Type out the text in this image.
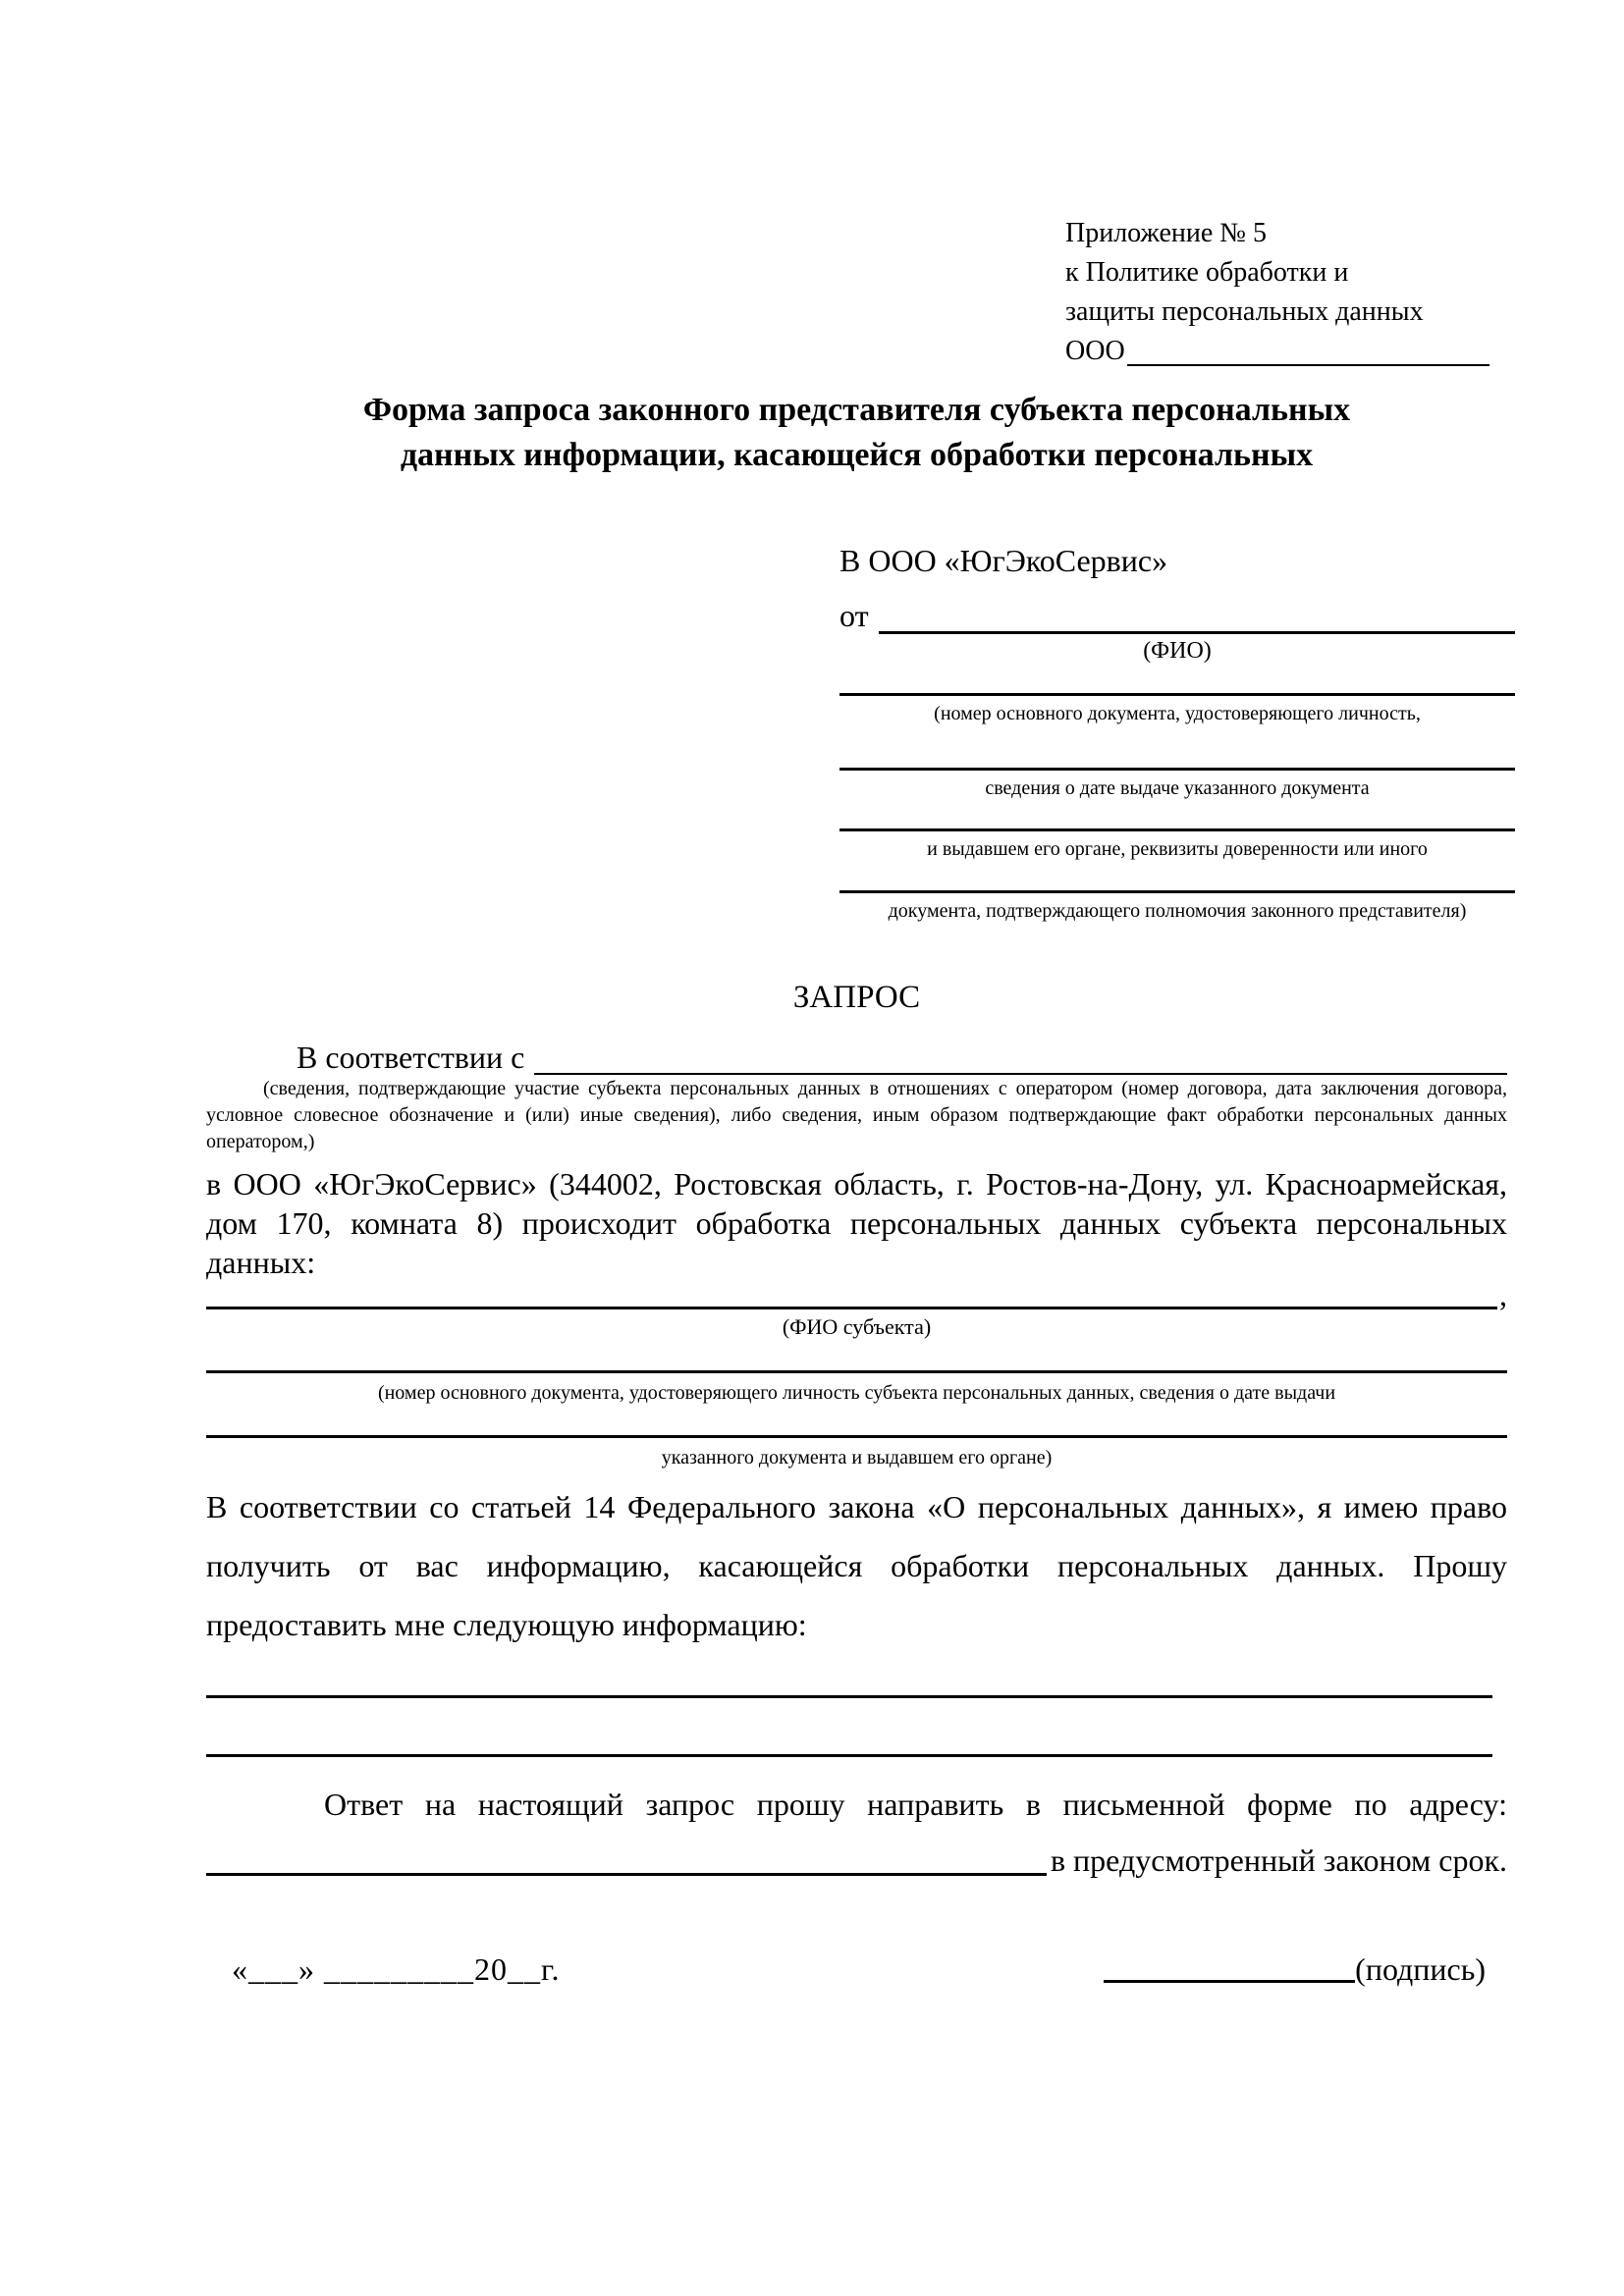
Приложение № 5
к Политике обработки и
защиты персональных данных
ООО
Форма запроса законного представителя субъекта персональных
данных информации, касающейся обработки персональных
В ООО «ЮгЭкоСервис»
от
(ФИО)
(номер основного документа, удостоверяющего личность,
сведения о дате выдаче указанного документа
и выдавшем его органе, реквизиты доверенности или иного
документа, подтверждающего полномочия законного представителя)
ЗАПРОС
В соответствии с
(сведения, подтверждающие участие субъекта персональных данных в отношениях с оператором (номер договора, дата заключения договора, условное словесное обозначение и (или) иные сведения), либо сведения, иным образом подтверждающие факт обработки персональных данных оператором,)
в ООО «ЮгЭкоСервис» (344002, Ростовская область, г. Ростов-на-Дону, ул. Красноармейская, дом 170, комната 8) происходит обработка персональных данных субъекта персональных данных:
,
(ФИО субъекта)
(номер основного документа, удостоверяющего личность субъекта персональных данных, сведения о дате выдачи
указанного документа и выдавшем его органе)
В соответствии со статьей 14 Федерального закона «О персональных данных», я имею право получить от вас информацию, касающейся обработки персональных данных. Прошу предоставить мне следующую информацию:
Ответ на настоящий запрос прошу направить в письменной форме по адресу:
в предусмотренный законом срок.
«___» _________20__г.	(подпись)
